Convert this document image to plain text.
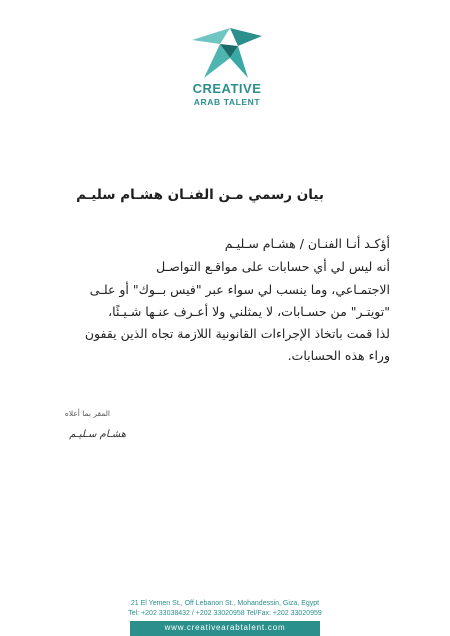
CREATIVE
ARAB TALENT
بيان رسمي مـن الفنـان هشـام سليـم
أؤكـد أنـا الفنـان / هشـام سـليـم
أنه ليس لي أي حسابات على مواقـع التواصـل
الاجتمـاعي، وما ينسب لي سواء عبر "فيس بــوك" أو علـى
"تويتـر" من حسـابات، لا يمثلني ولا أعـرف عنـها شـيـئًا،
لذا قمت باتخاذ الإجراءات القانونية اللازمة تجاه الذين يقفون
وراء هذه الحسابات.
المقر بما أعلاه
هشـام سـليـم
21 El Yemen St., Off Lebanon St., Mohandessin, Giza, Egypt
Tel: +202 33038432 / +202 33020958 Tel/Fax: +202 33020959
www.creativearabtalent.com
